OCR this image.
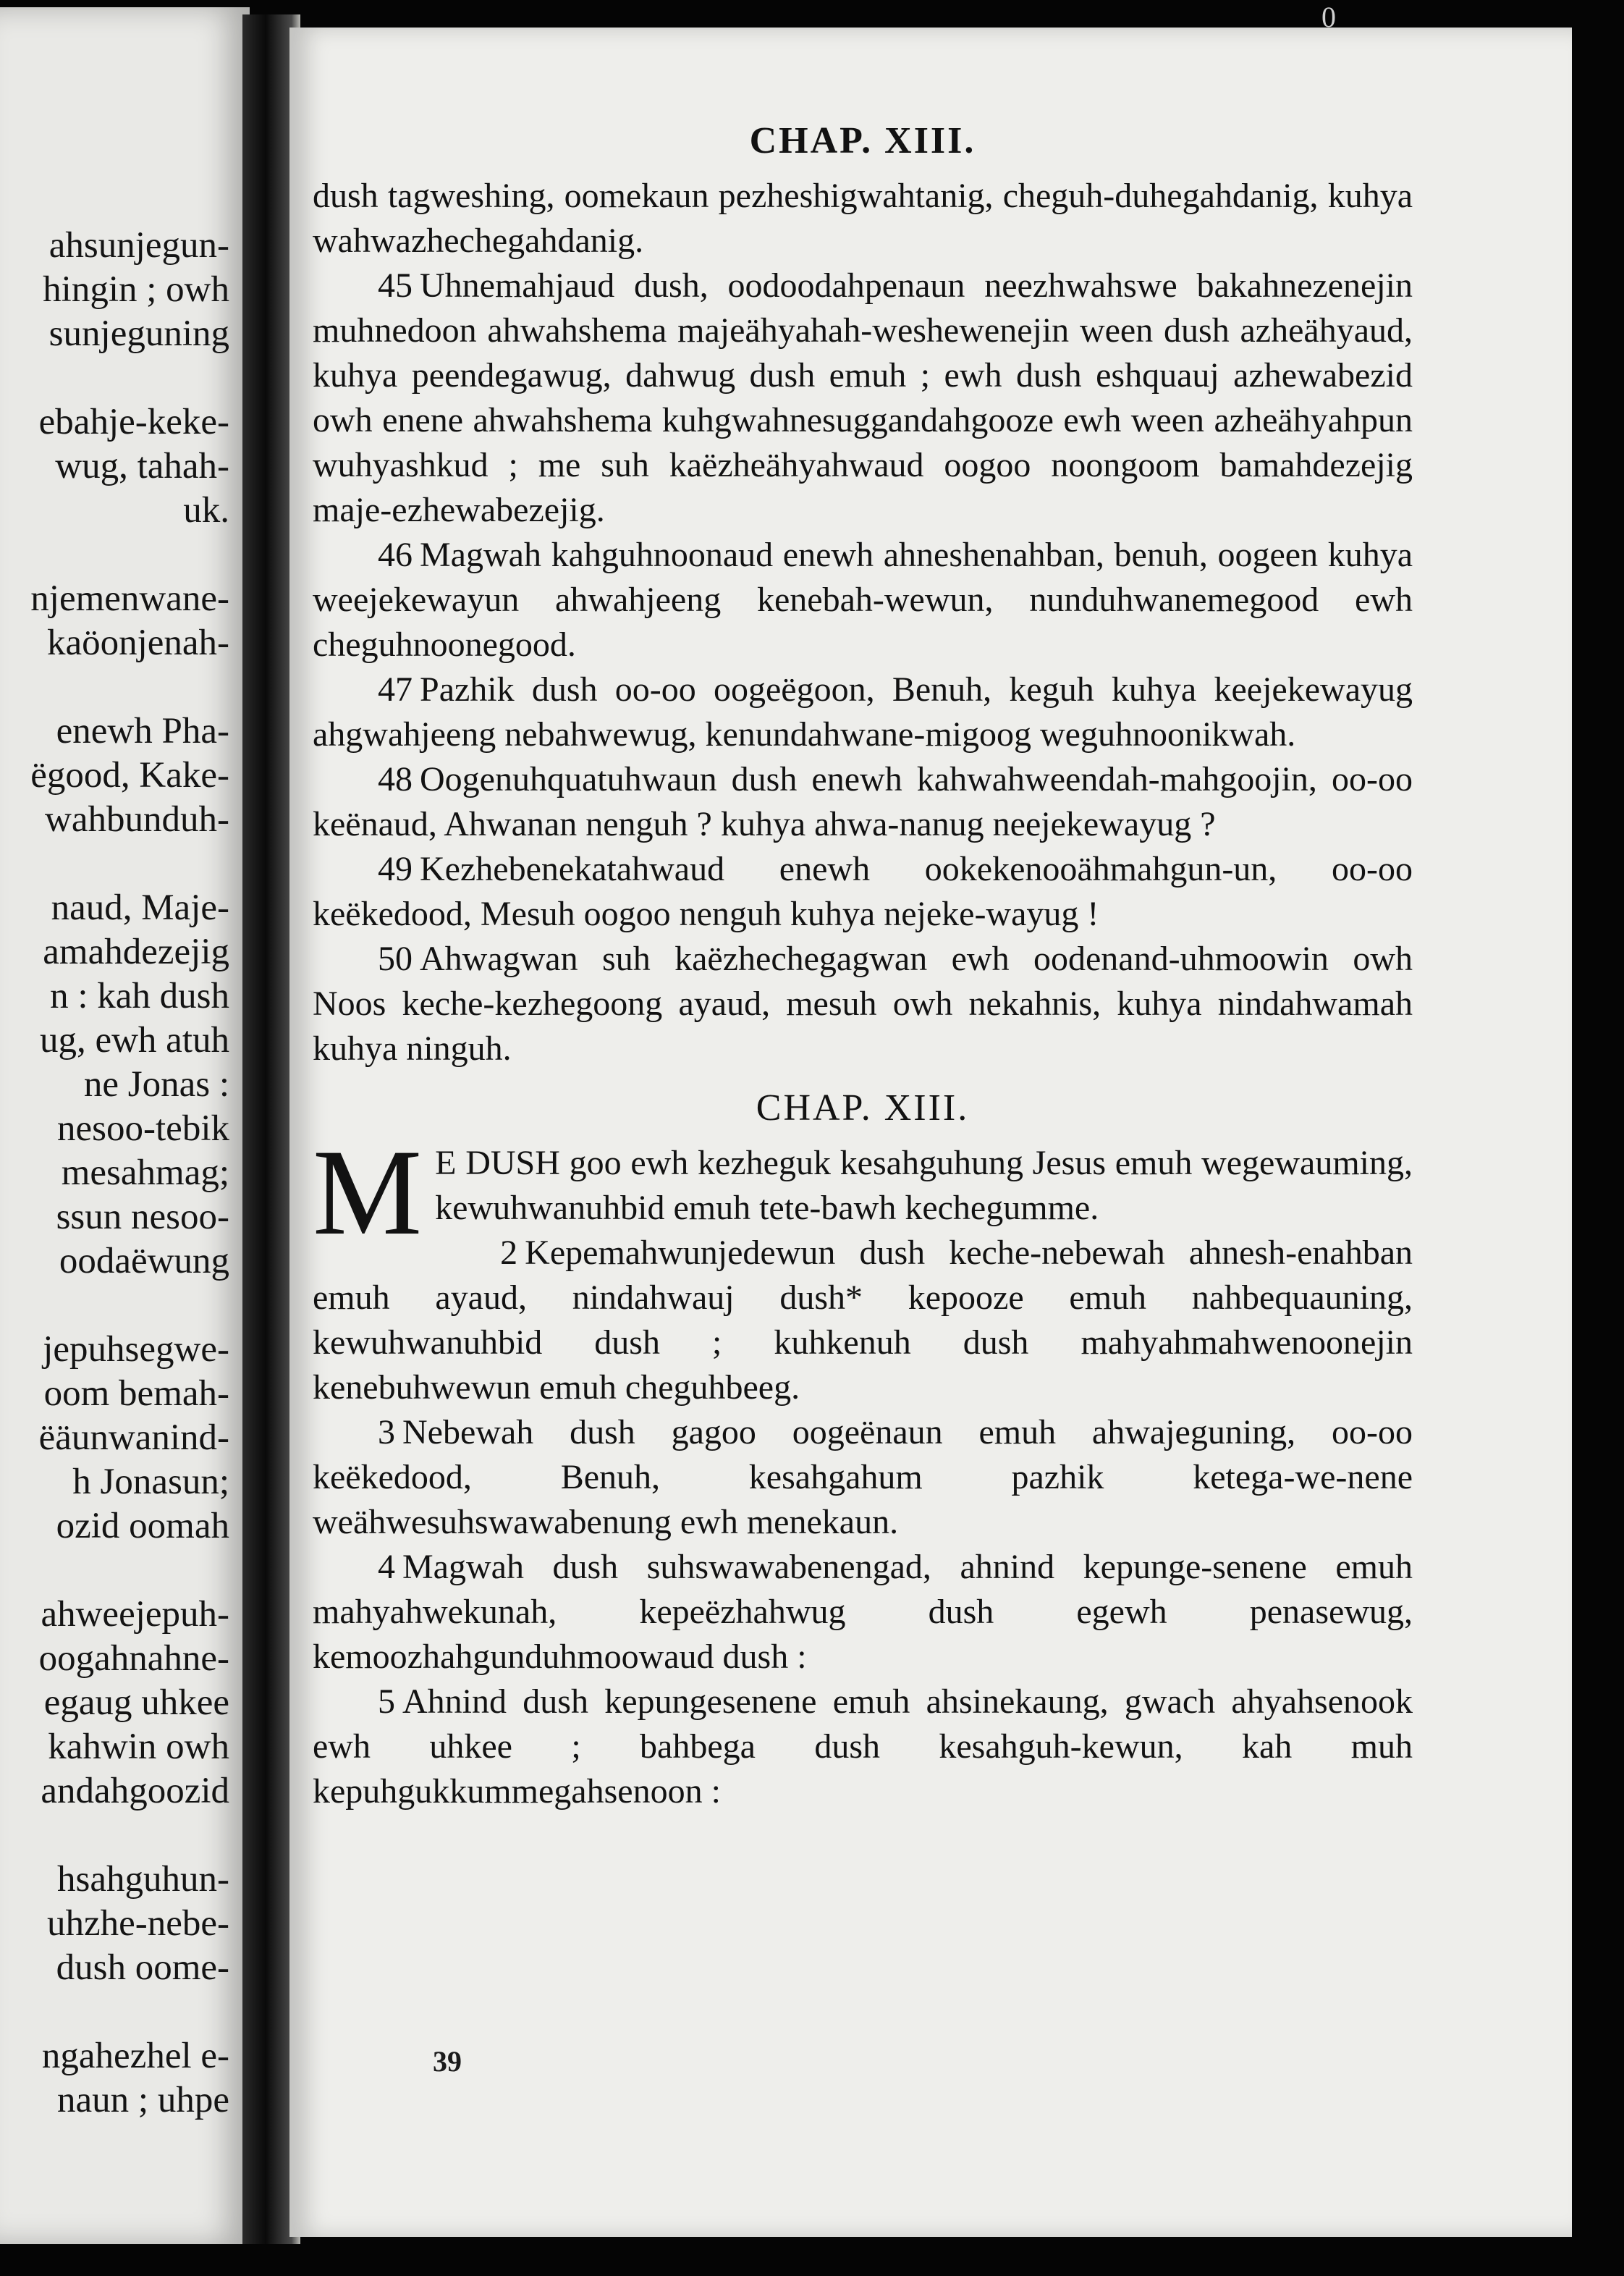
ahsunjegun-
hingin ; owh
sunjeguning
ebahje-keke-
wug, tahah-
uk.
njemenwane-
kaöonjenah-
enewh Pha-
ëgood, Kake-
wahbunduh-
naud, Maje-
amahdezejig
n : kah dush
ug, ewh atuh
ne Jonas :
nesoo-tebik
mesahmag;
ssun nesoo-
oodaëwung
jepuhsegwe-
oom bemah-
ëäunwanind-
h Jonasun;
ozid oomah
ahweejepuh-
oogahnahne-
egaug uhkee
kahwin owh
andahgoozid
hsahguhun-
uhzhe-nebe-
dush oome-
ngahezhel e-
naun ; uhpe
0
CHAP. XIII.

dush tagweshing, oomekaun pezheshigwahtanig, cheguh-duhegahdanig, kuhya wahwazhechegahdanig.

45 Uhnemahjaud dush, oodoodahpenaun neezhwahswe bakahnezenejin muhnedoon ahwahshema majeähyahah-weshewenejin ween dush azheähyaud, kuhya peendegawug, dahwug dush emuh ; ewh dush eshquauj azhewabezid owh enene ahwahshema kuhgwahnesuggandahgooze ewh ween azheähyahpun wuhyashkud ; me suh kaëzheähyahwaud oogoo noongoom bamahdezejig maje-ezhewabezejig.

46 Magwah kahguhnoonaud enewh ahneshenahban, benuh, oogeen kuhya weejekewayun ahwahjeeng kenebah-wewun, nunduhwanemegood ewh cheguhnoonegood.

47 Pazhik dush oo-oo oogeëgoon, Benuh, keguh kuhya keejekewayug ahgwahjeeng nebahwewug, kenundahwane-migoog weguhnoonikwah.

48 Oogenuhquatuhwaun dush enewh kahwahweendah-mahgoojin, oo-oo keënaud, Ahwanan nenguh ? kuhya ahwa-nanug neejekewayug ?

49 Kezhebenekatahwaud enewh ookekenooähmahgun-un, oo-oo keëkedood, Mesuh oogoo nenguh kuhya nejeke-wayug !

50 Ahwagwan suh kaëzhechegagwan ewh oodenand-uhmoowin owh Noos keche-kezhegoong ayaud, mesuh owh nekahnis, kuhya nindahwamah kuhya ninguh.

CHAP. XIII.

M E DUSH goo ewh kezheguk kesahguhung Jesus emuh wegewauming, kewuhwanuhbid emuh tete-bawh kechegumme.

2 Kepemahwunjedewun dush keche-nebewah ahnesh-enahban emuh ayaud, nindahwauj dush* kepooze emuh nahbequauning, kewuhwanuhbid dush ; kuhkenuh dush mahyahmahwenoonejin kenebuhwewun emuh cheguhbeeg.

3 Nebewah dush gagoo oogeënaun emuh ahwajeguning, oo-oo keëkedood, Benuh, kesahgahum pazhik ketega-we-nene weähwesuhswawabenung ewh menekaun.

4 Magwah dush suhswawabenengad, ahnind kepunge-senene emuh mahyahwekunah, kepeëzhahwug dush egewh penasewug, kemoozhahgunduhmoowaud dush :

5 Ahnind dush kepungesenene emuh ahsinekaung, gwach ahyahsenook ewh uhkee ; bahbega dush kesahguh-kewun, kah muh kepuhgukkummegahsenoon :

39
